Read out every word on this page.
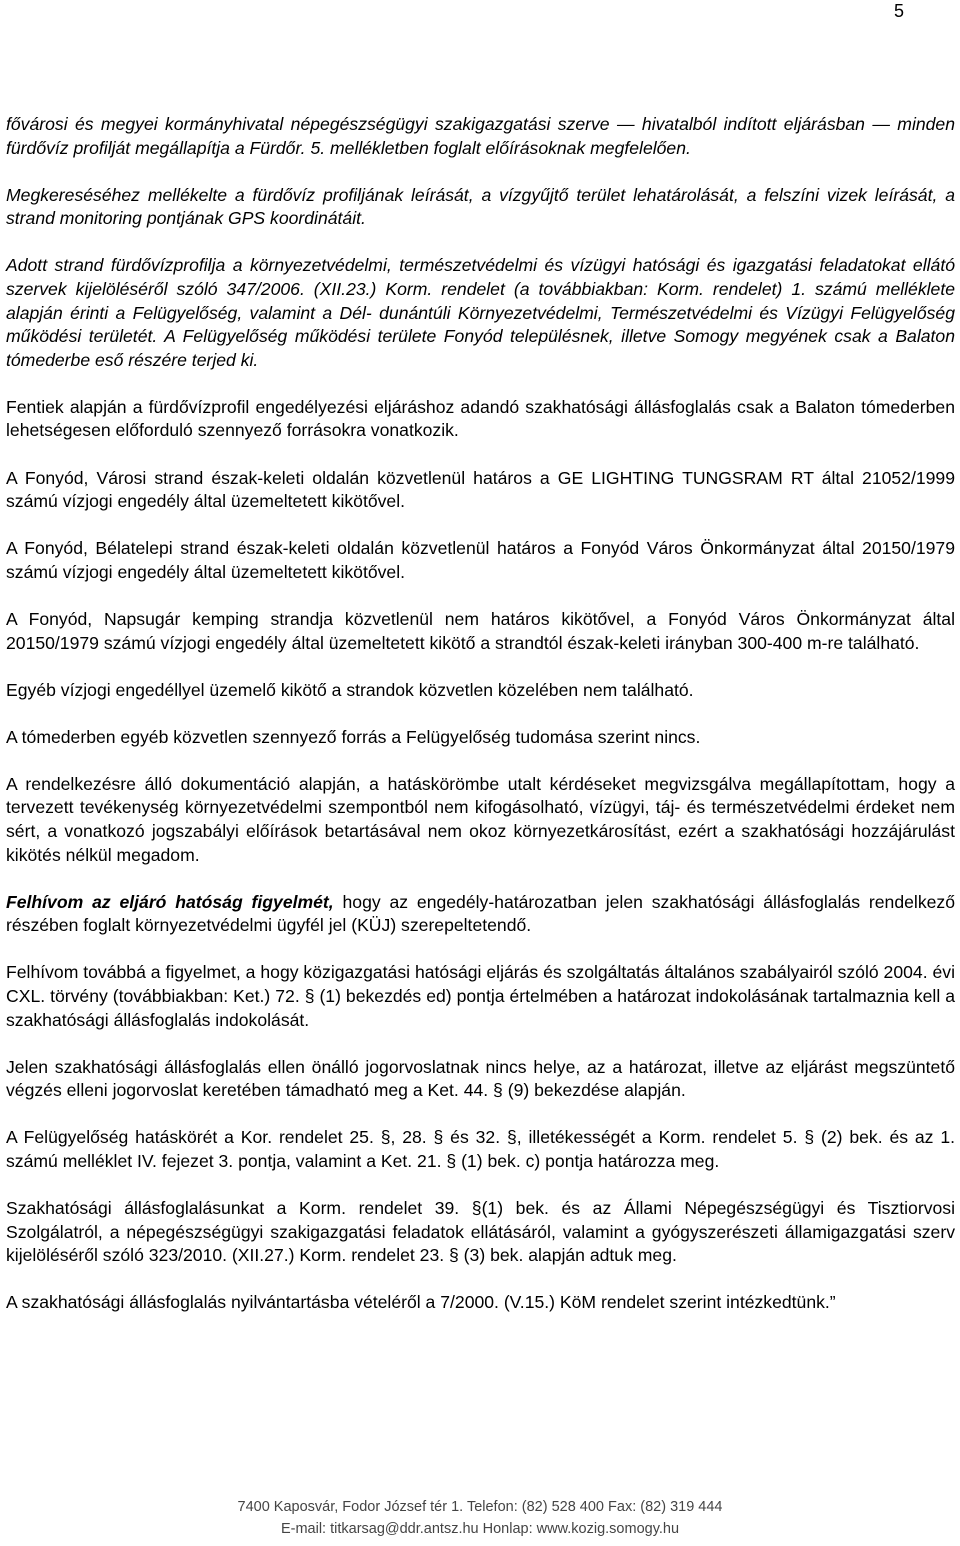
5

fővárosi és megyei kormányhivatal népegészségügyi szakigazgatási szerve — hivatalból indított eljárásban — minden fürdővíz profilját megállapítja a Fürdőr. 5. mellékletben foglalt előírásoknak megfelelően.

Megkereséséhez mellékelte a fürdővíz profiljának leírását, a vízgyűjtő terület lehatárolását, a felszíni vizek leírását, a strand monitoring pontjának GPS koordinátáit.

Adott strand fürdővízprofilja a környezetvédelmi, természetvédelmi és vízügyi hatósági és igazgatási feladatokat ellátó szervek kijelöléséről szóló 347/2006. (XII.23.) Korm. rendelet (a továbbiakban: Korm. rendelet) 1. számú melléklete alapján érinti a Felügyelőség, valamint a Dél- dunántúli Környezetvédelmi, Természetvédelmi és Vízügyi Felügyelőség működési területét. A Felügyelőség működési területe Fonyód településnek, illetve Somogy megyének csak a Balaton tómederbe eső részére terjed ki.

Fentiek alapján a fürdővízprofil engedélyezési eljáráshoz adandó szakhatósági állásfoglalás csak a Balaton tómederben lehetségesen előforduló szennyező forrásokra vonatkozik.

A Fonyód, Városi strand észak-keleti oldalán közvetlenül határos a GE LIGHTING TUNGSRAM RT által 21052/1999 számú vízjogi engedély által üzemeltetett kikötővel.

A Fonyód, Bélatelepi strand észak-keleti oldalán közvetlenül határos a Fonyód Város Önkormányzat által 20150/1979 számú vízjogi engedély által üzemeltetett kikötővel.

A Fonyód, Napsugár kemping strandja közvetlenül nem határos kikötővel, a Fonyód Város Önkormányzat által 20150/1979 számú vízjogi engedély által üzemeltetett kikötő a strandtól észak-keleti irányban 300-400 m-re található.

Egyéb vízjogi engedéllyel üzemelő kikötő a strandok közvetlen közelében nem található.

A tómederben egyéb közvetlen szennyező forrás a Felügyelőség tudomása szerint nincs.

A rendelkezésre álló dokumentáció alapján, a hatáskörömbe utalt kérdéseket megvizsgálva megállapítottam, hogy a tervezett tevékenység környezetvédelmi szempontból nem kifogásolható, vízügyi, táj- és természetvédelmi érdeket nem sért, a vonatkozó jogszabályi előírások betartásával nem okoz környezetkárosítást, ezért a szakhatósági hozzájárulást kikötés nélkül megadom.

Felhívom az eljáró hatóság figyelmét, hogy az engedély-határozatban jelen szakhatósági állásfoglalás rendelkező részében foglalt környezetvédelmi ügyfél jel (KÜJ) szerepeltetendő.

Felhívom továbbá a figyelmet, a hogy közigazgatási hatósági eljárás és szolgáltatás általános szabályairól szóló 2004. évi CXL. törvény (továbbiakban: Ket.) 72. § (1) bekezdés ed) pontja értelmében a határozat indokolásának tartalmaznia kell a szakhatósági állásfoglalás indokolását.

Jelen szakhatósági állásfoglalás ellen önálló jogorvoslatnak nincs helye, az a határozat, illetve az eljárást megszüntető végzés elleni jogorvoslat keretében támadható meg a Ket. 44. § (9) bekezdése alapján.

A Felügyelőség hatáskörét a Kor. rendelet 25. §, 28. § és 32. §, illetékességét a Korm. rendelet 5. § (2) bek. és az 1. számú melléklet IV. fejezet 3. pontja, valamint a Ket. 21. § (1) bek. c) pontja határozza meg.

Szakhatósági állásfoglalásunkat a Korm. rendelet 39. §(1) bek. és az Állami Népegészségügyi és Tisztiorvosi Szolgálatról, a népegészségügyi szakigazgatási feladatok ellátásáról, valamint a gyógyszerészeti államigazgatási szerv kijelöléséről szóló 323/2010. (XII.27.) Korm. rendelet 23. § (3) bek. alapján adtuk meg.

A szakhatósági állásfoglalás nyilvántartásba vételéről a 7/2000. (V.15.) KöM rendelet szerint intézkedtünk.”

7400 Kaposvár, Fodor József tér 1. Telefon: (82) 528 400 Fax: (82) 319 444
E-mail: titkarsag@ddr.antsz.hu Honlap: www.kozig.somogy.hu
